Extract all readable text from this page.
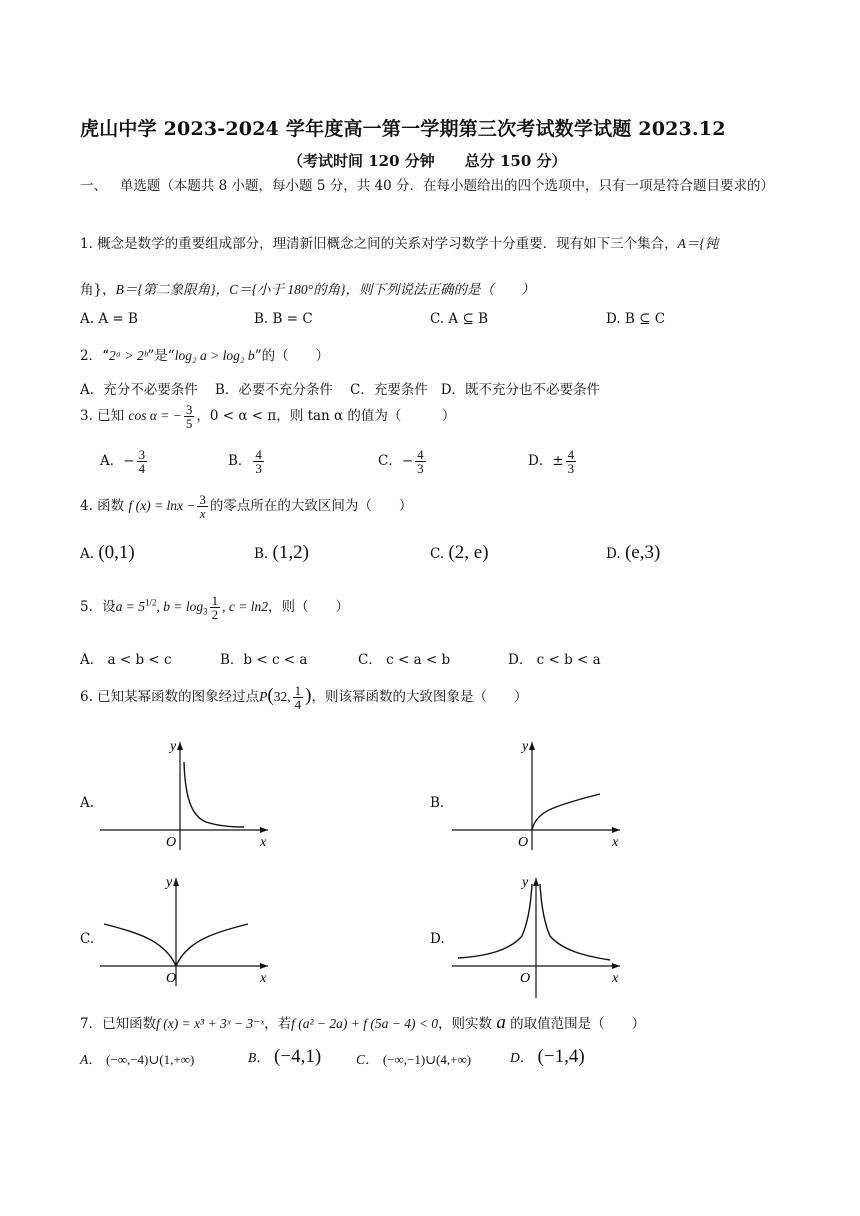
虎山中学 2023-2024 学年度高一第一学期第三次考试数学试题 2023.12
（考试时间 120 分钟　　总分 150 分）
一、 单选题（本题共 8 小题，每小题 5 分，共 40 分．在每小题给出的四个选项中，只有一项是符合题目要求的）
1. 概念是数学的重要组成部分，理清新旧概念之间的关系对学习数学十分重要．现有如下三个集合，A＝{钝
角}，B＝{第二象限角}，C＝{小于 180°的角}，则下列说法正确的是（　　）
A. A = B	B. B = C	C. A ⊆ B	D. B ⊆ C
2．“2ᵃ > 2ᵇ”是“log₂ a > log₂ b”的（　　）
A．充分不必要条件 B．必要不充分条件 C．充要条件 D．既不充分也不必要条件
3. 已知 cos α = − $\frac{3}{5}$ ，0 < α < π，则 tan α 的值为（　　　）
A．− $\frac{3}{4}$	B． $\frac{4}{3}$	C．− $\frac{4}{3}$	D．± $\frac{4}{3}$
4. 函数 f $(x) = \ln x - \frac{3}{x}$ 的零点所在的大致区间为（　　）
A. (0,1)	B. (1,2)	C. (2, e)	D. (e,3)
5．设$a = 5^{1/2}$, $b = \log_3 \frac{1}{2}$ , c = ln2，则（　　）
A． a < b < c	B．b < c < a	C． c < a < b	D． c < b < a
6. 已知某幂函数的图象经过点P(32, $\frac{1}{4}$ )，则该幂函数的大致图象是（　　）
A.	B.
C.	D.
y
x
O
y
x
O
y
x
O
y
x
O
7．已知函数f (x) = x³ + 3ˣ − 3⁻ˣ，若f (a² − 2a) + f (5a − 4) < 0，则实数 a 的取值范围是（　　）
A． (−∞,−4)∪(1,+∞)	B． (−4,1)	C． (−∞,−1)∪(4,+∞)	D． (−1,4)
